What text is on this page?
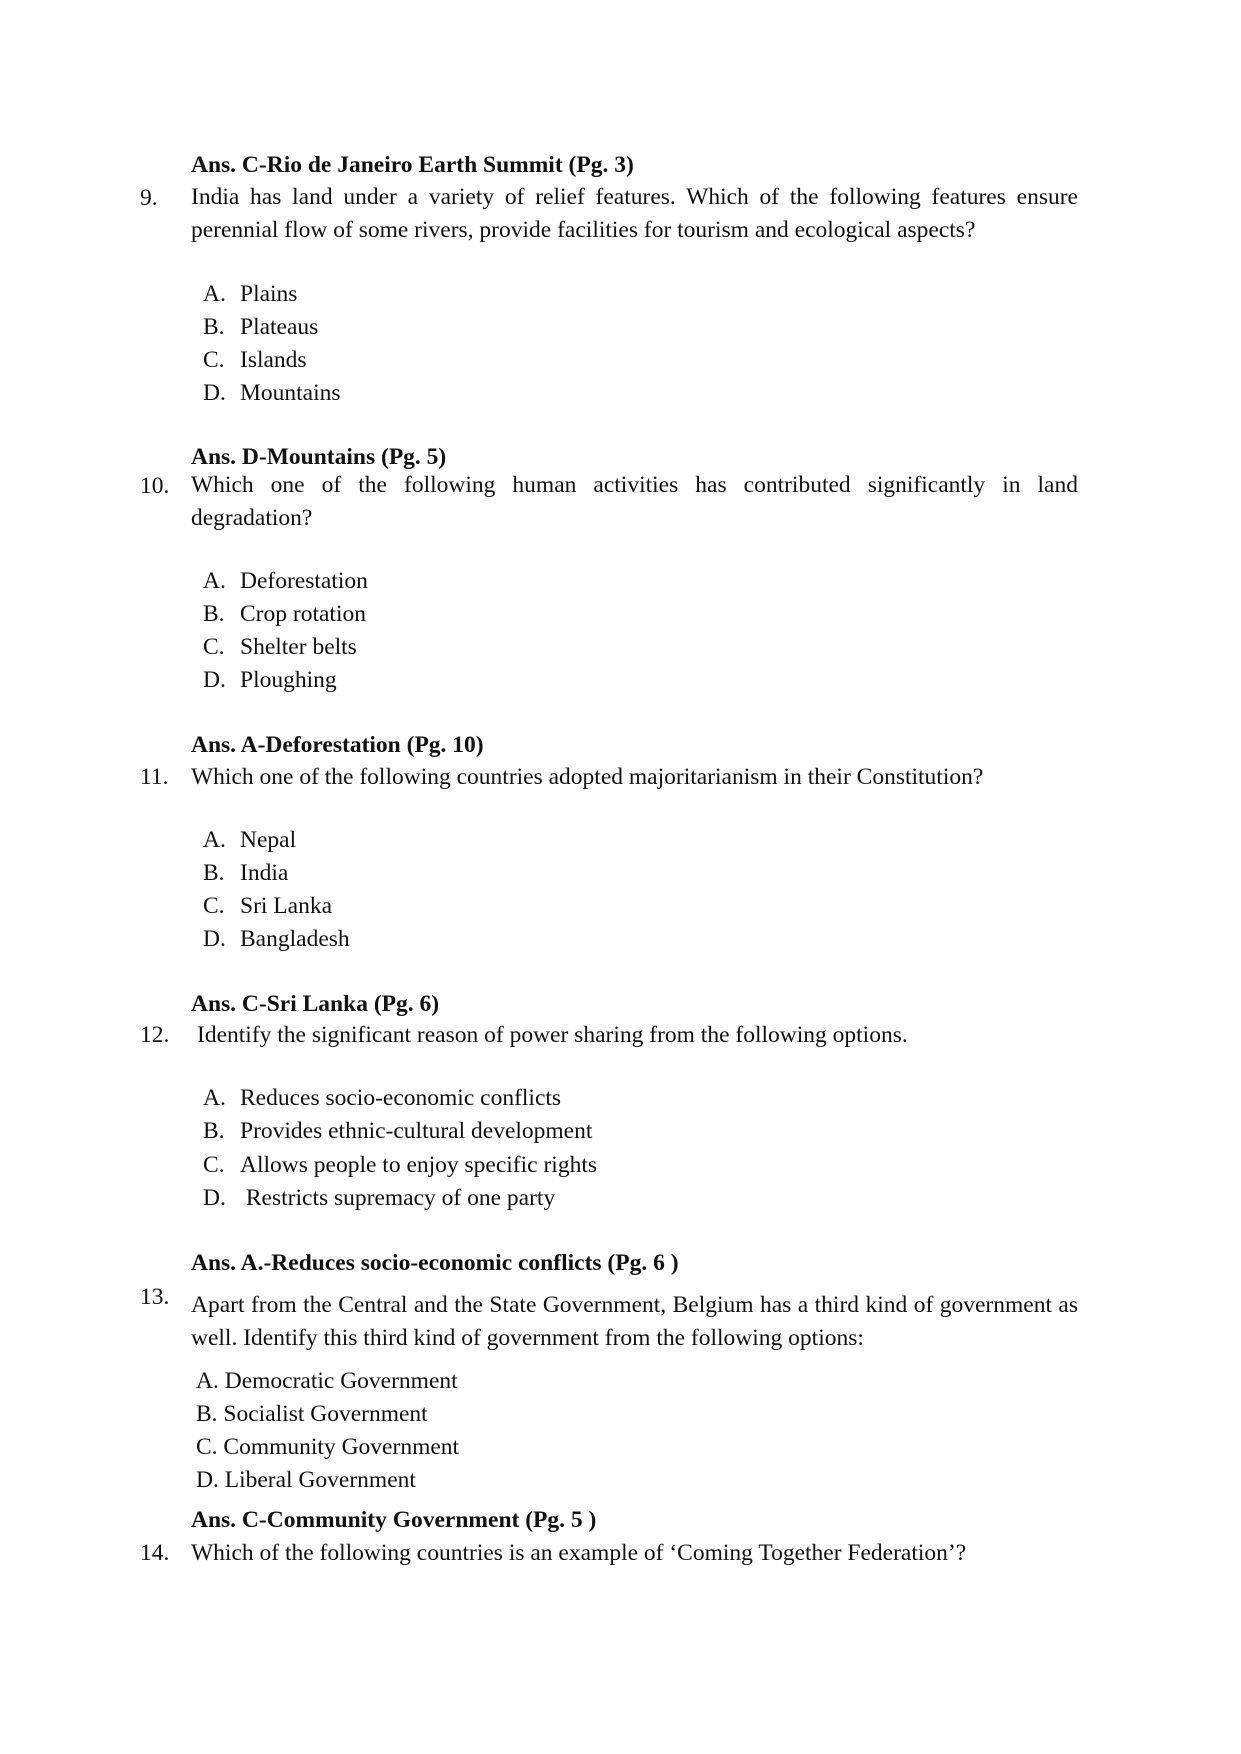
Ans. C-Rio de Janeiro Earth Summit (Pg. 3)
9. India has land under a variety of relief features. Which of the following features ensure perennial flow of some rivers, provide facilities for tourism and ecological aspects?
A. Plains
B. Plateaus
C. Islands
D. Mountains
Ans. D-Mountains (Pg. 5)
10. Which one of the following human activities has contributed significantly in land degradation?
A. Deforestation
B. Crop rotation
C. Shelter belts
D. Ploughing
Ans. A-Deforestation (Pg. 10)
11. Which one of the following countries adopted majoritarianism in their Constitution?
A. Nepal
B. India
C. Sri Lanka
D. Bangladesh
Ans. C-Sri Lanka (Pg. 6)
12. Identify the significant reason of power sharing from the following options.
A. Reduces socio-economic conflicts
B. Provides ethnic-cultural development
C. Allows people to enjoy specific rights
D. Restricts supremacy of one party
Ans. A.-Reduces socio-economic conflicts (Pg. 6 )
13. Apart from the Central and the State Government, Belgium has a third kind of government as well. Identify this third kind of government from the following options:
A. Democratic Government
B. Socialist Government
C. Community Government
D. Liberal Government
Ans. C-Community Government (Pg. 5 )
14. Which of the following countries is an example of ‘Coming Together Federation’?
